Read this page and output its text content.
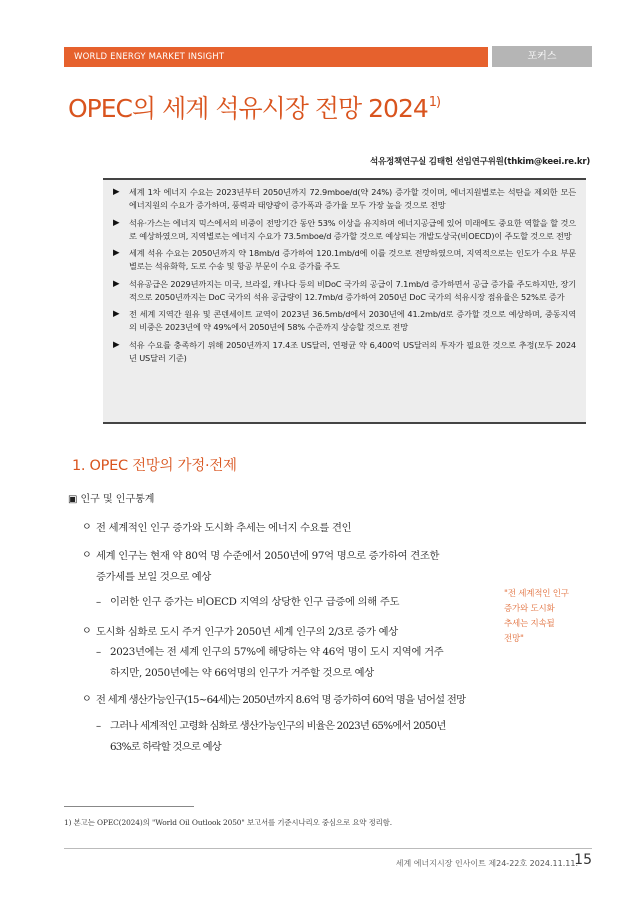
WORLD ENERGY MARKET INSIGHT	포커스
OPEC의 세계 석유시장 전망 2024$^{1)}$
석유정책연구실 김태헌 선임연구위원(thkim@keei.re.kr)
▶ 세계 1차 에너지 수요는 2023년부터 2050년까지 72.9mboe/d(약 24%) 증가할 것이며, 에너지원별로는 석탄을 제외한 모든 에너지원의 수요가 증가하며, 풍력과 태양광이 증가폭과 증가율 모두 가장 높을 것으로 전망
▶ 석유·가스는 에너지 믹스에서의 비중이 전망기간 동안 53% 이상을 유지하며 에너지공급에 있어 미래에도 중요한 역할을 할 것으로 예상하였으며, 지역별로는 에너지 수요가 73.5mboe/d 증가할 것으로 예상되는 개발도상국(비OECD)이 주도할 것으로 전망
▶ 세계 석유 수요는 2050년까지 약 18mb/d 증가하여 120.1mb/d에 이를 것으로 전망하였으며, 지역적으로는 인도가 수요 부문별로는 석유화학, 도로 수송 및 항공 부문이 수요 증가를 주도
▶ 석유공급은 2029년까지는 미국, 브라질, 캐나다 등의 비DoC 국가의 공급이 7.1mb/d 증가하면서 공급 증가를 주도하지만, 장기적으로 2050년까지는 DoC 국가의 석유 공급량이 12.7mb/d 증가하여 2050년 DoC 국가의 석유시장 점유율은 52%로 증가
▶ 전 세계 지역간 원유 및 콘덴세이트 교역이 2023년 36.5mb/d에서 2030년에 41.2mb/d로 증가할 것으로 예상하며, 중동지역의 비중은 2023년에 약 49%에서 2050년에 58% 수준까지 상승할 것으로 전망
▶ 석유 수요를 충족하기 위해 2050년까지 17.4조 US달러, 연평균 약 6,400억 US달러의 투자가 필요한 것으로 추정(모두 2024년 US달러 기준)
1. OPEC 전망의 가정·전제
▣ 인구 및 인구통계
ㅇ 전 세계적인 인구 증가와 도시화 추세는 에너지 수요를 견인
ㅇ 세계 인구는 현재 약 80억 명 수준에서 2050년에 97억 명으로 증가하여 견조한
증가세를 보일 것으로 예상
– 이러한 인구 증가는 비OECD 지역의 상당한 인구 급증에 의해 주도
ㅇ 도시화 심화로 도시 주거 인구가 2050년 세계 인구의 2/3로 증가 예상
– 2023년에는 전 세계 인구의 57%에 해당하는 약 46억 명이 도시 지역에 거주
하지만, 2050년에는 약 66억명의 인구가 거주할 것으로 예상
ㅇ 전 세계 생산가능인구(15~64세)는 2050년까지 8.6억 명 증가하여 60억 명을 넘어설 전망
– 그러나 세계적인 고령화 심화로 생산가능인구의 비율은 2023년 65%에서 2050년
63%로 하락할 것으로 예상
"전 세계적인 인구
증가와 도시화
추세는 지속될
전망"
1) 본고는 OPEC(2024)의 "World Oil Outlook 2050" 보고서를 기준시나리오 중심으로 요약 정리함.
세계 에너지시장 인사이트 제24-22호 2024.11.11.
15
